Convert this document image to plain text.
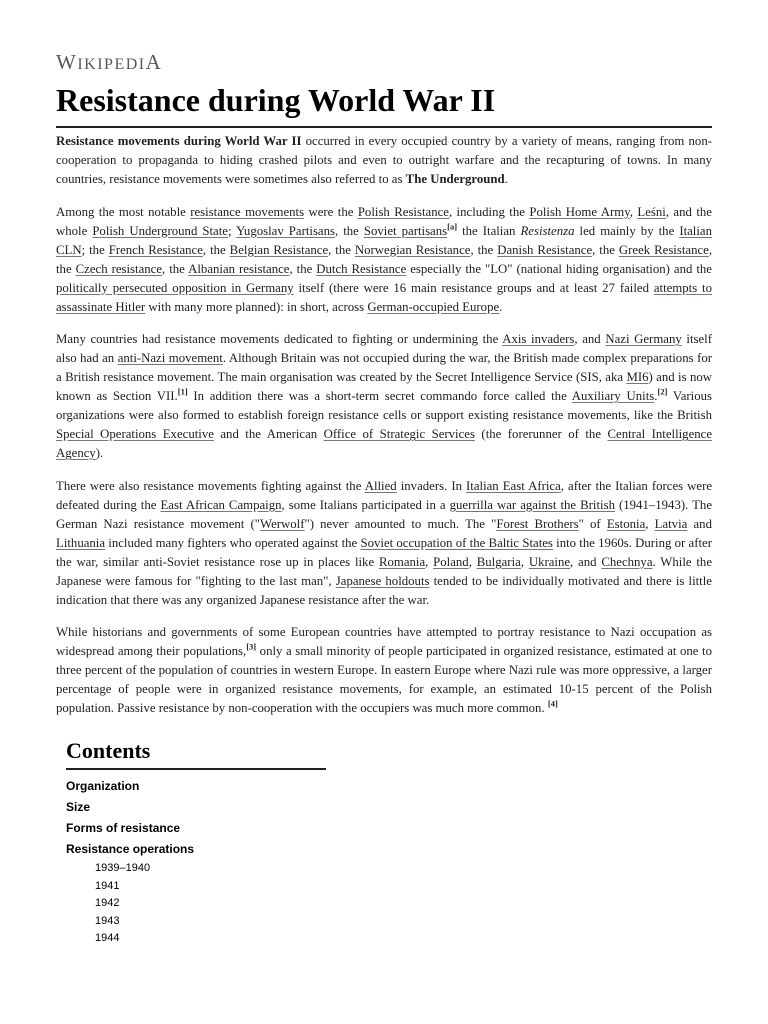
WIKIPEDIA
Resistance during World War II

Resistance movements during World War II occurred in every occupied country by a variety of means, ranging from non-cooperation to propaganda to hiding crashed pilots and even to outright warfare and the recapturing of towns. In many countries, resistance movements were sometimes also referred to as The Underground.

Among the most notable resistance movements were the Polish Resistance, including the Polish Home Army, Leśni, and the whole Polish Underground State; Yugoslav Partisans, the Soviet partisans[a] the Italian Resistenza led mainly by the Italian CLN; the French Resistance, the Belgian Resistance, the Norwegian Resistance, the Danish Resistance, the Greek Resistance, the Czech resistance, the Albanian resistance, the Dutch Resistance especially the "LO" (national hiding organisation) and the politically persecuted opposition in Germany itself (there were 16 main resistance groups and at least 27 failed attempts to assassinate Hitler with many more planned): in short, across German-occupied Europe.

Many countries had resistance movements dedicated to fighting or undermining the Axis invaders, and Nazi Germany itself also had an anti-Nazi movement. Although Britain was not occupied during the war, the British made complex preparations for a British resistance movement. The main organisation was created by the Secret Intelligence Service (SIS, aka MI6) and is now known as Section VII.[1] In addition there was a short-term secret commando force called the Auxiliary Units.[2] Various organizations were also formed to establish foreign resistance cells or support existing resistance movements, like the British Special Operations Executive and the American Office of Strategic Services (the forerunner of the Central Intelligence Agency).

There were also resistance movements fighting against the Allied invaders. In Italian East Africa, after the Italian forces were defeated during the East African Campaign, some Italians participated in a guerrilla war against the British (1941–1943). The German Nazi resistance movement ("Werwolf") never amounted to much. The "Forest Brothers" of Estonia, Latvia and Lithuania included many fighters who operated against the Soviet occupation of the Baltic States into the 1960s. During or after the war, similar anti-Soviet resistance rose up in places like Romania, Poland, Bulgaria, Ukraine, and Chechnya. While the Japanese were famous for "fighting to the last man", Japanese holdouts tended to be individually motivated and there is little indication that there was any organized Japanese resistance after the war.

While historians and governments of some European countries have attempted to portray resistance to Nazi occupation as widespread among their populations,[3] only a small minority of people participated in organized resistance, estimated at one to three percent of the population of countries in western Europe. In eastern Europe where Nazi rule was more oppressive, a larger percentage of people were in organized resistance movements, for example, an estimated 10-15 percent of the Polish population. Passive resistance by non-cooperation with the occupiers was much more common. [4]

Contents
Organization
Size
Forms of resistance
Resistance operations
1939–1940
1941
1942
1943
1944
